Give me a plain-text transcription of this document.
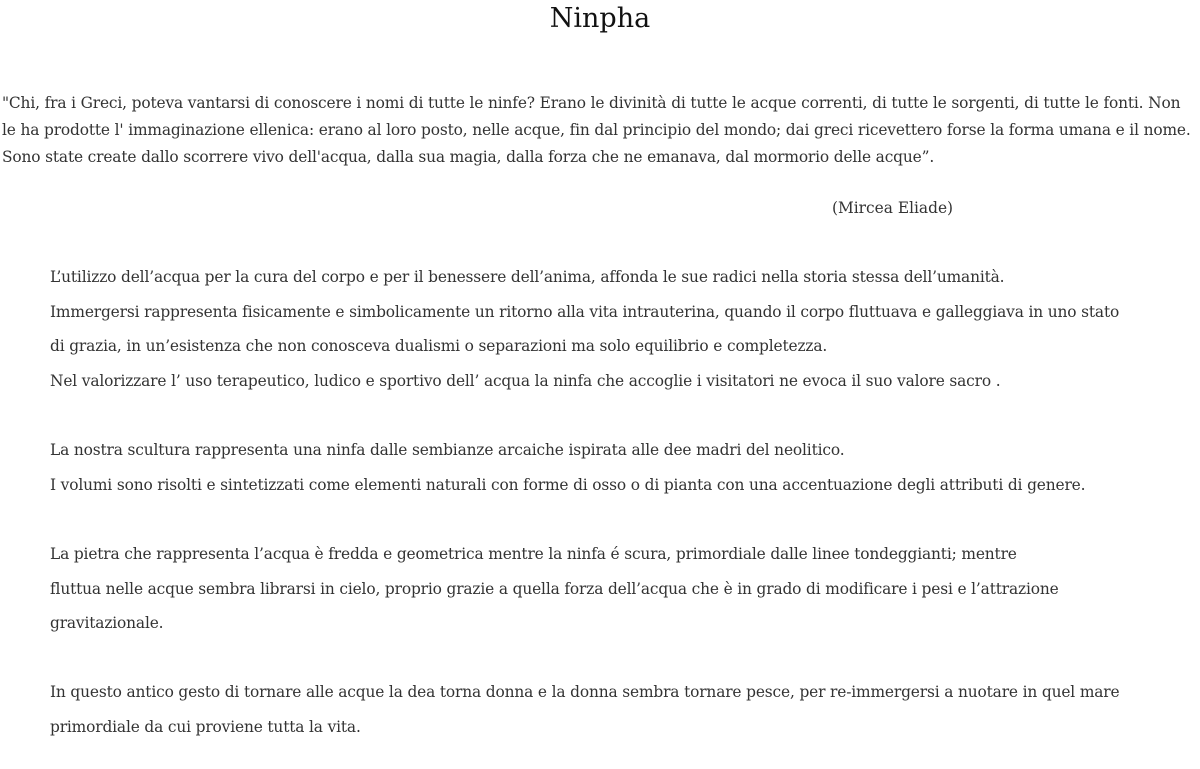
Ninpha

"Chi, fra i Greci, poteva vantarsi di conoscere i nomi di tutte le ninfe? Erano le divinità di tutte le acque correnti, di tutte le sorgenti, di tutte le fonti. Non le ha prodotte l' immaginazione ellenica: erano al loro posto, nelle acque, fin dal principio del mondo; dai greci ricevettero forse la forma umana e il nome. Sono state create dallo scorrere vivo dell'acqua, dalla sua magia, dalla forza che ne emanava, dal mormorio delle acque”.

(Mircea Eliade)

L’utilizzo dell’acqua per la cura del corpo e per il benessere dell’anima, affonda le sue radici nella storia stessa dell’umanità.
Immergersi rappresenta fisicamente e simbolicamente un ritorno alla vita intrauterina, quando il corpo fluttuava e galleggiava in uno stato
di grazia, in un’esistenza che non conosceva dualismi o separazioni ma solo equilibrio e completezza.
Nel valorizzare l’ uso terapeutico, ludico e sportivo dell’ acqua la ninfa che accoglie i visitatori ne evoca il suo valore sacro .

La nostra scultura rappresenta una ninfa dalle sembianze arcaiche ispirata alle dee madri del neolitico.
I volumi sono risolti e sintetizzati come elementi naturali con forme di osso o di pianta con una accentuazione degli attributi di genere.

La pietra che rappresenta l’acqua è fredda e geometrica mentre la ninfa é scura, primordiale dalle linee tondeggianti; mentre
fluttua nelle acque sembra librarsi in cielo, proprio grazie a quella forza dell’acqua che è in grado di modificare i pesi e l’attrazione
gravitazionale.

In questo antico gesto di tornare alle acque la dea torna donna e la donna sembra tornare pesce, per re-immergersi a nuotare in quel mare
primordiale da cui proviene tutta la vita.
